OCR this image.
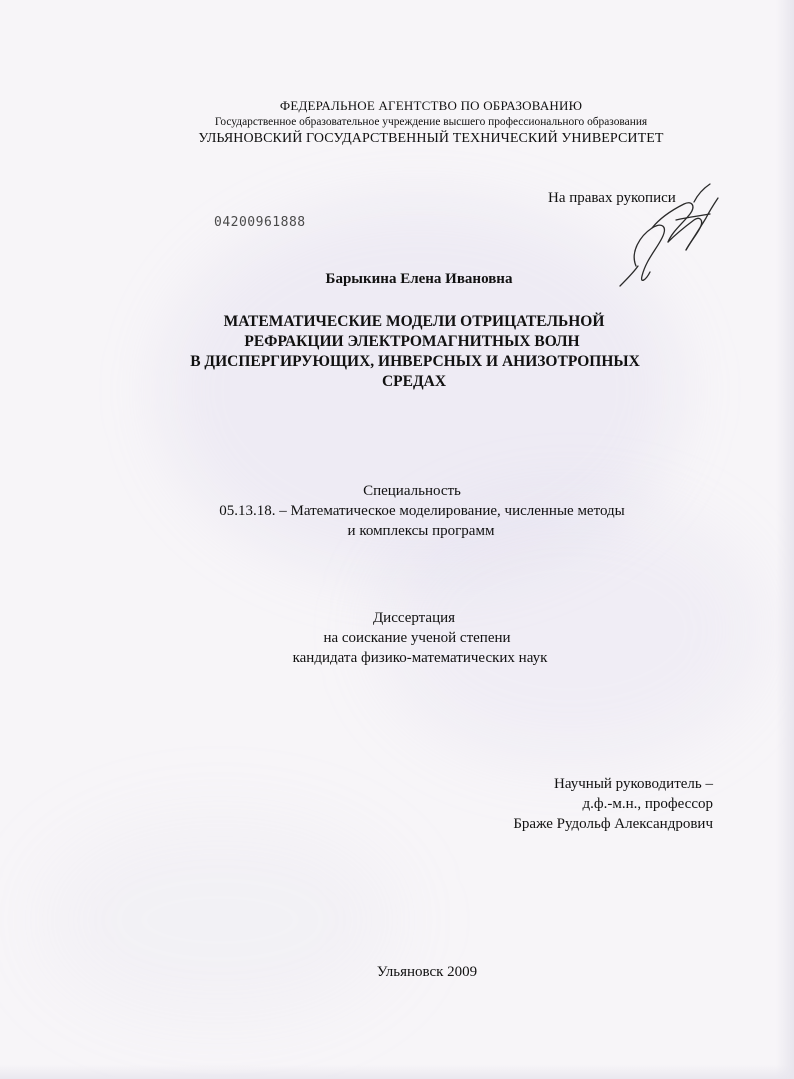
ФЕДЕРАЛЬНОЕ АГЕНТСТВО ПО ОБРАЗОВАНИЮ
Государственное образовательное учреждение высшего профессионального образования
УЛЬЯНОВСКИЙ ГОСУДАРСТВЕННЫЙ ТЕХНИЧЕСКИЙ УНИВЕРСИТЕТ
На правах рукописи
04200961888
Барыкина Елена Ивановна
МАТЕМАТИЧЕСКИЕ МОДЕЛИ ОТРИЦАТЕЛЬНОЙ
РЕФРАКЦИИ ЭЛЕКТРОМАГНИТНЫХ ВОЛН
В ДИСПЕРГИРУЮЩИХ, ИНВЕРСНЫХ И АНИЗОТРОПНЫХ
СРЕДАХ
Специальность
05.13.18. – Математическое моделирование, численные методы
и комплексы программ
Диссертация
на соискание ученой степени
кандидата физико-математических наук
Научный руководитель –
д.ф.-м.н., профессор
Браже Рудольф Александрович
Ульяновск 2009
